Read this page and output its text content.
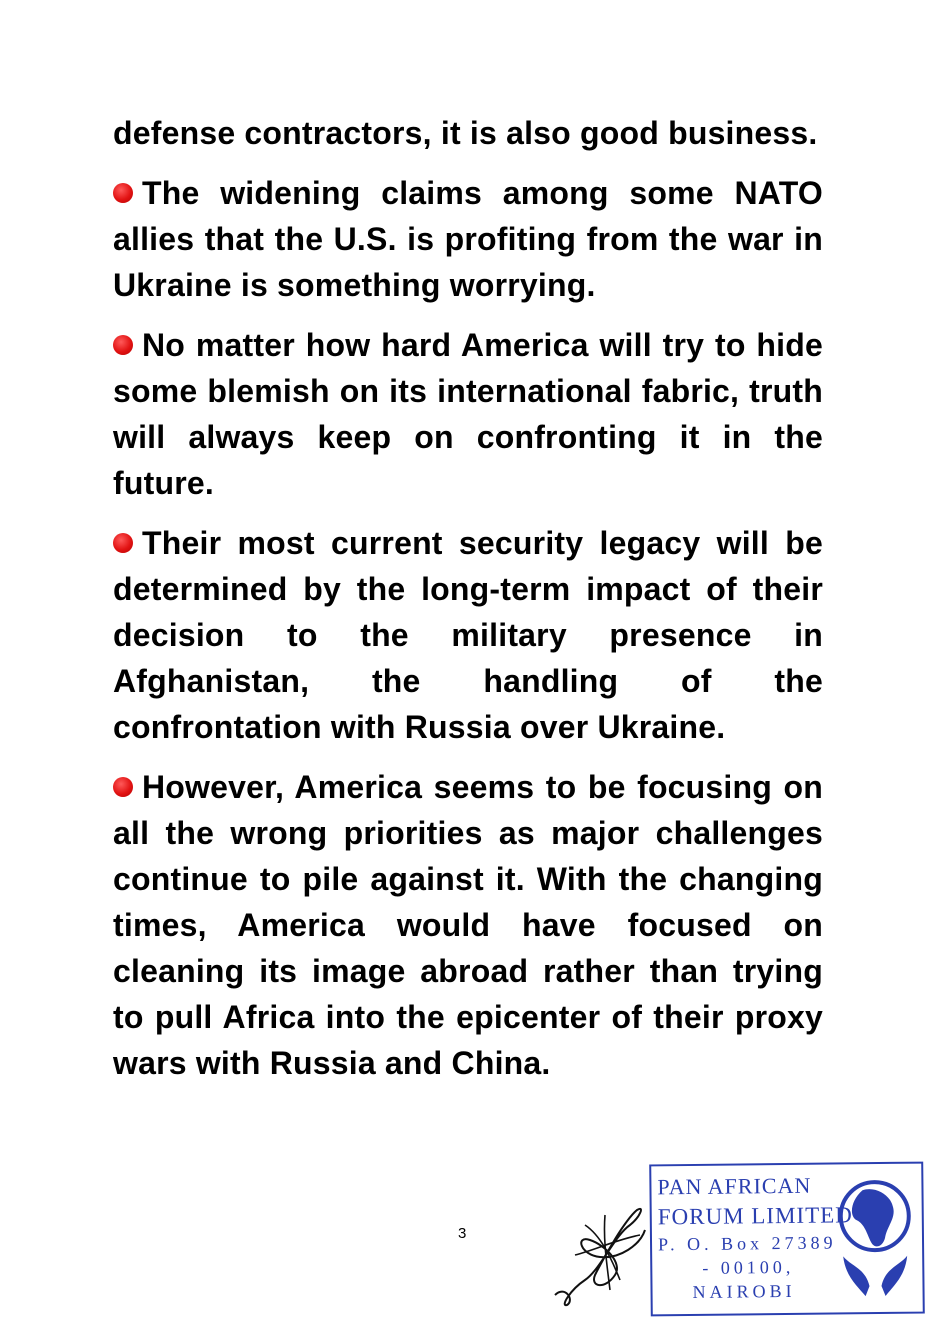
defense contractors, it is also good business.

The widening claims among some NATO allies that the U.S. is profiting from the war in Ukraine is something worrying.

No matter how hard America will try to hide some blemish on its international fabric, truth will always keep on confronting it in the future.

Their most current security legacy will be determined by the long-term impact of their decision to the military presence in Afghanistan, the handling of the confrontation with Russia over Ukraine.

However, America seems to be focusing on all the wrong priorities as major challenges continue to pile against it. With the changing times, America would have focused on cleaning its image abroad rather than trying to pull Africa into the epicenter of their proxy wars with Russia and China.

3
PAN AFRICAN
FORUM LIMITED
P. O. Box 27389
- 00100,
NAIROBI
